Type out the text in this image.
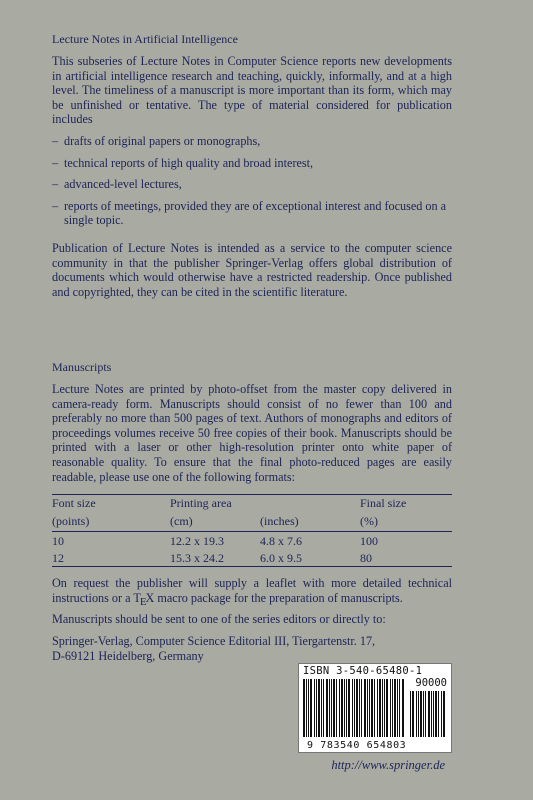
Lecture Notes in Artificial Intelligence

This subseries of Lecture Notes in Computer Science reports new developments in artificial intelligence research and teaching, quickly, informally, and at a high level. The timeliness of a manuscript is more important than its form, which may be unfinished or tentative. The type of material considered for publication includes

– drafts of original papers or monographs,
– technical reports of high quality and broad interest,
– advanced-level lectures,
– reports of meetings, provided they are of exceptional interest and focused on a single topic.

Publication of Lecture Notes is intended as a service to the computer science community in that the publisher Springer-Verlag offers global distribution of documents which would otherwise have a restricted readership. Once published and copyrighted, they can be cited in the scientific literature.

Manuscripts

Lecture Notes are printed by photo-offset from the master copy delivered in camera-ready form. Manuscripts should consist of no fewer than 100 and preferably no more than 500 pages of text. Authors of monographs and editors of proceedings volumes receive 50 free copies of their book. Manuscripts should be printed with a laser or other high-resolution printer onto white paper of reasonable quality. To ensure that the final photo-reduced pages are easily readable, please use one of the following formats:

Font size	Printing area		Final size
(points)	(cm)	(inches)	(%)
10	12.2 x 19.3	4.8 x 7.6	100
12	15.3 x 24.2	6.0 x 9.5	80

On request the publisher will supply a leaflet with more detailed technical instructions or a TEX macro package for the preparation of manuscripts.

Manuscripts should be sent to one of the series editors or directly to:

Springer-Verlag, Computer Science Editorial III, Tiergartenstr. 17,
D-69121 Heidelberg, Germany
ISBN 3-540-65480-1
90000
9 783540 654803
http://www.springer.de
